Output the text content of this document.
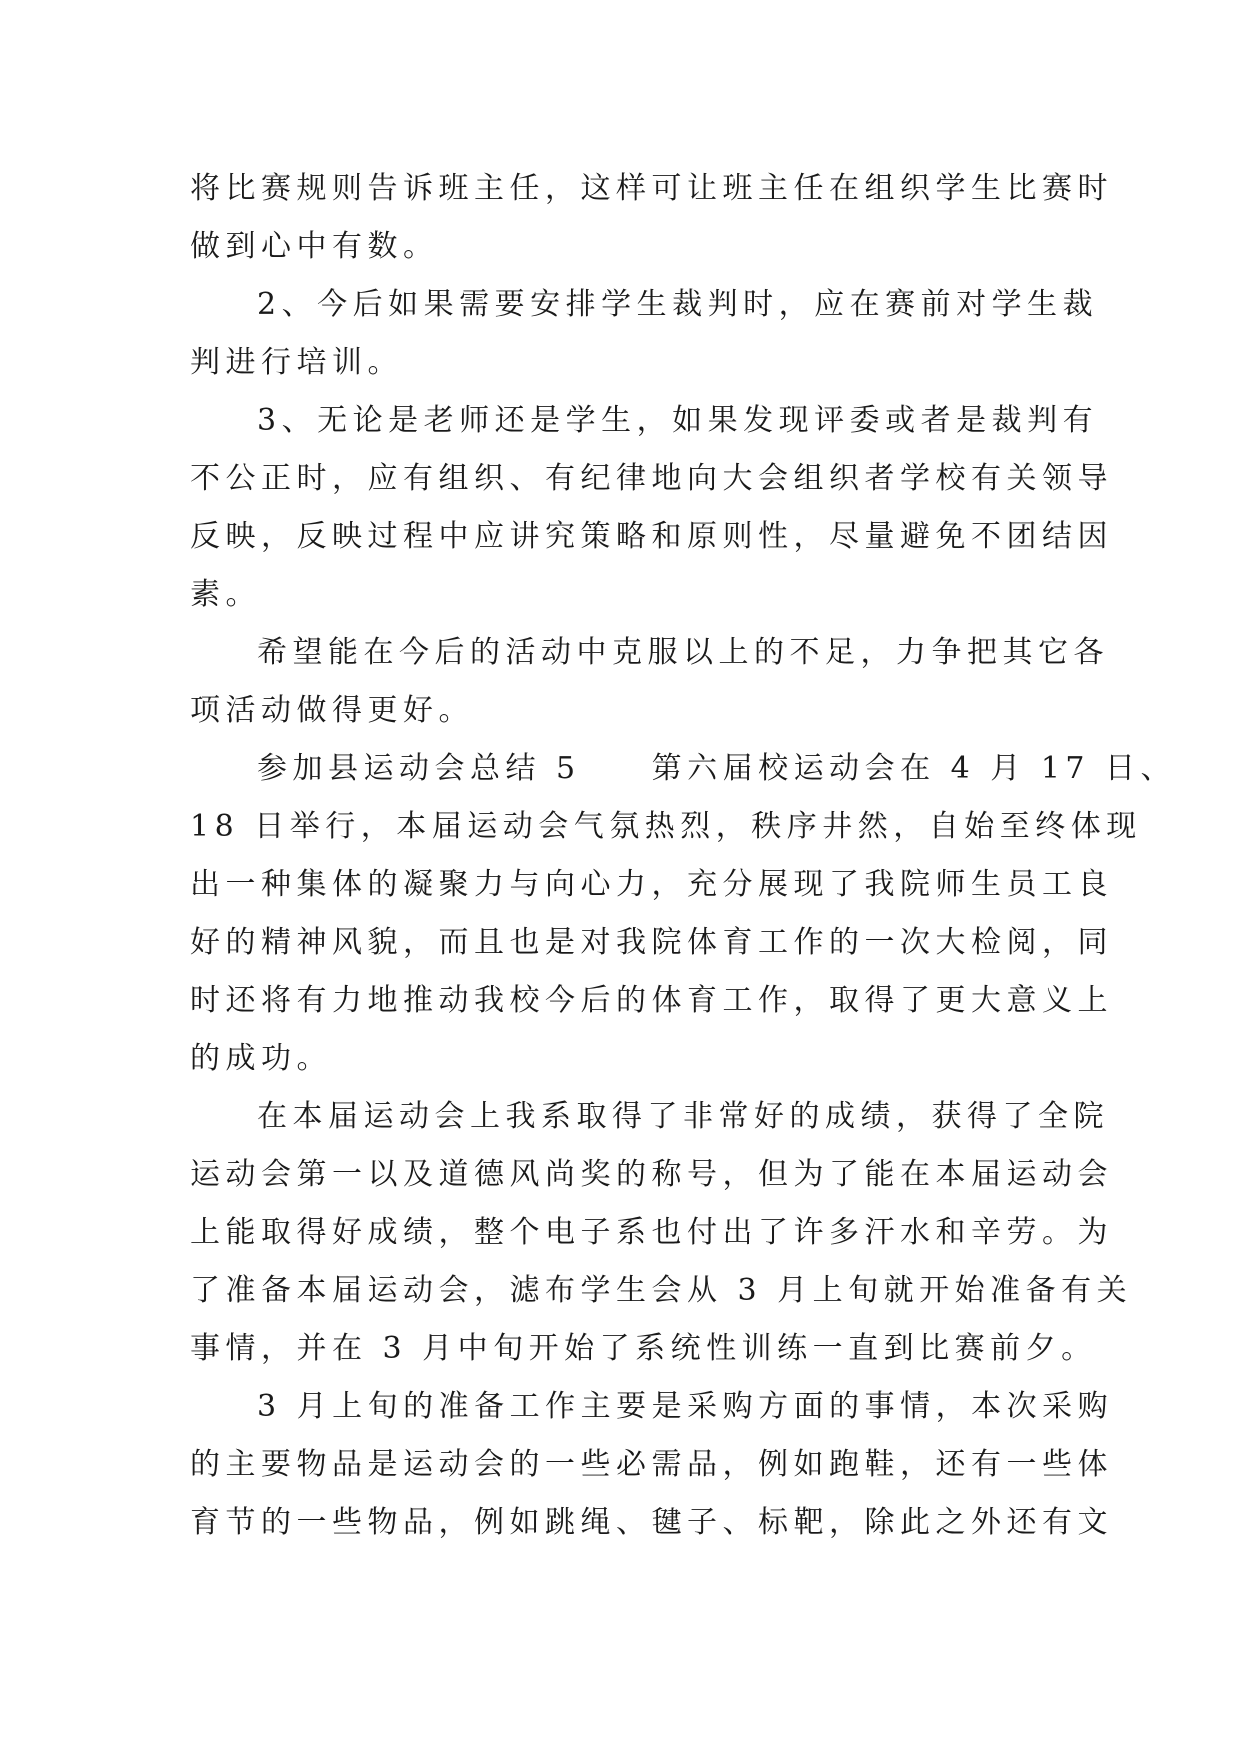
将比赛规则告诉班主任，这样可让班主任在组织学生比赛时
做到心中有数。
2、今后如果需要安排学生裁判时，应在赛前对学生裁
判进行培训。
3、无论是老师还是学生，如果发现评委或者是裁判有
不公正时，应有组织、有纪律地向大会组织者学校有关领导
反映，反映过程中应讲究策略和原则性，尽量避免不团结因
素。
希望能在今后的活动中克服以上的不足，力争把其它各
项活动做得更好。
参加县运动会总结 5　　第六届校运动会在 4 月 17 日、
18 日举行，本届运动会气氛热烈，秩序井然，自始至终体现
出一种集体的凝聚力与向心力，充分展现了我院师生员工良
好的精神风貌，而且也是对我院体育工作的一次大检阅，同
时还将有力地推动我校今后的体育工作，取得了更大意义上
的成功。
在本届运动会上我系取得了非常好的成绩，获得了全院
运动会第一以及道德风尚奖的称号，但为了能在本届运动会
上能取得好成绩，整个电子系也付出了许多汗水和辛劳。为
了准备本届运动会，滤布学生会从 3 月上旬就开始准备有关
事情，并在 3 月中旬开始了系统性训练一直到比赛前夕。
3 月上旬的准备工作主要是采购方面的事情，本次采购
的主要物品是运动会的一些必需品，例如跑鞋，还有一些体
育节的一些物品，例如跳绳、毽子、标靶，除此之外还有文
